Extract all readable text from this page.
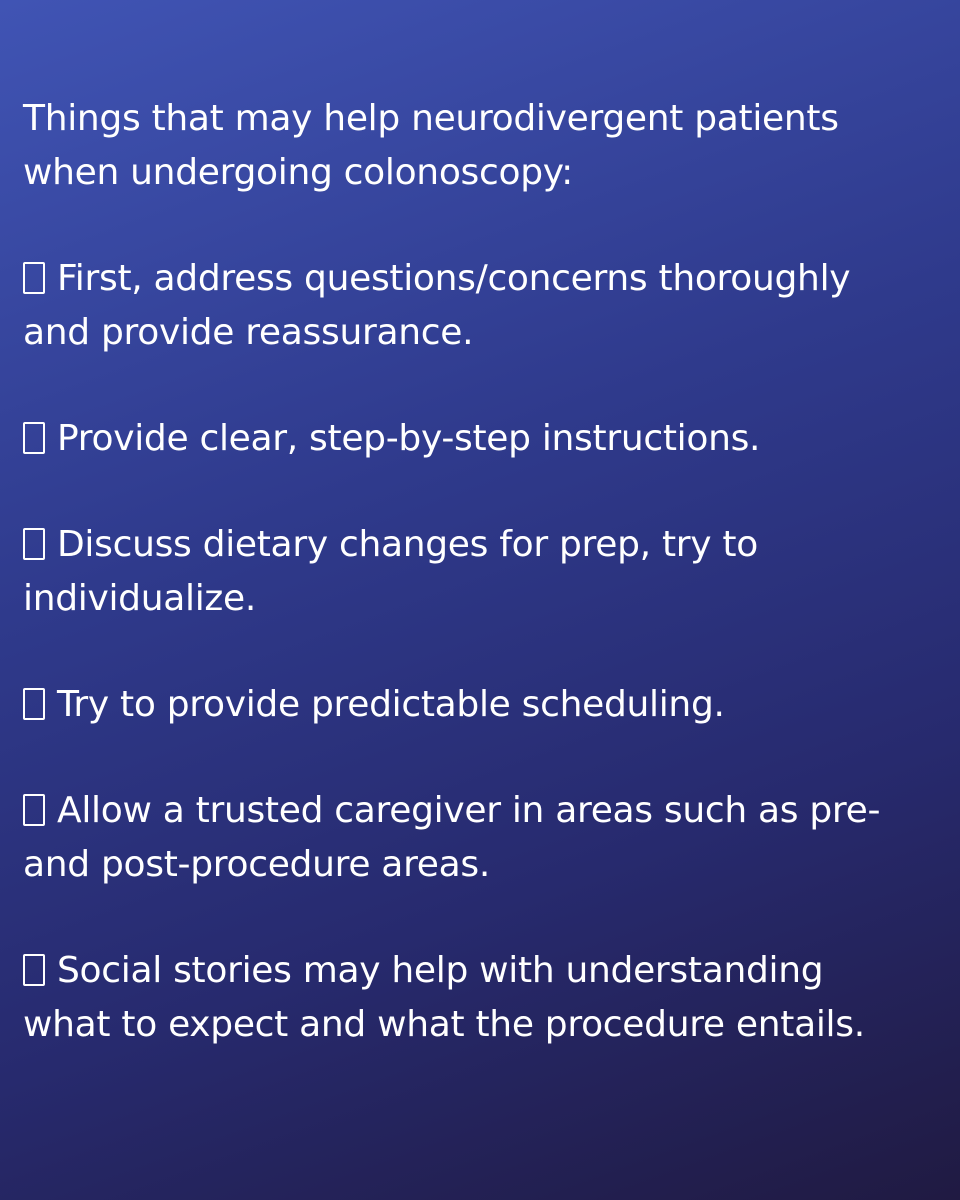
Things that may help neurodivergent patients when undergoing colonoscopy:

First, address questions/concerns thoroughly and provide reassurance.
Provide clear, step-by-step instructions.
Discuss dietary changes for prep, try to individualize.
Try to provide predictable scheduling.
Allow a trusted caregiver in areas such as pre- and post-procedure areas.
Social stories may help with understanding what to expect and what the procedure entails.
